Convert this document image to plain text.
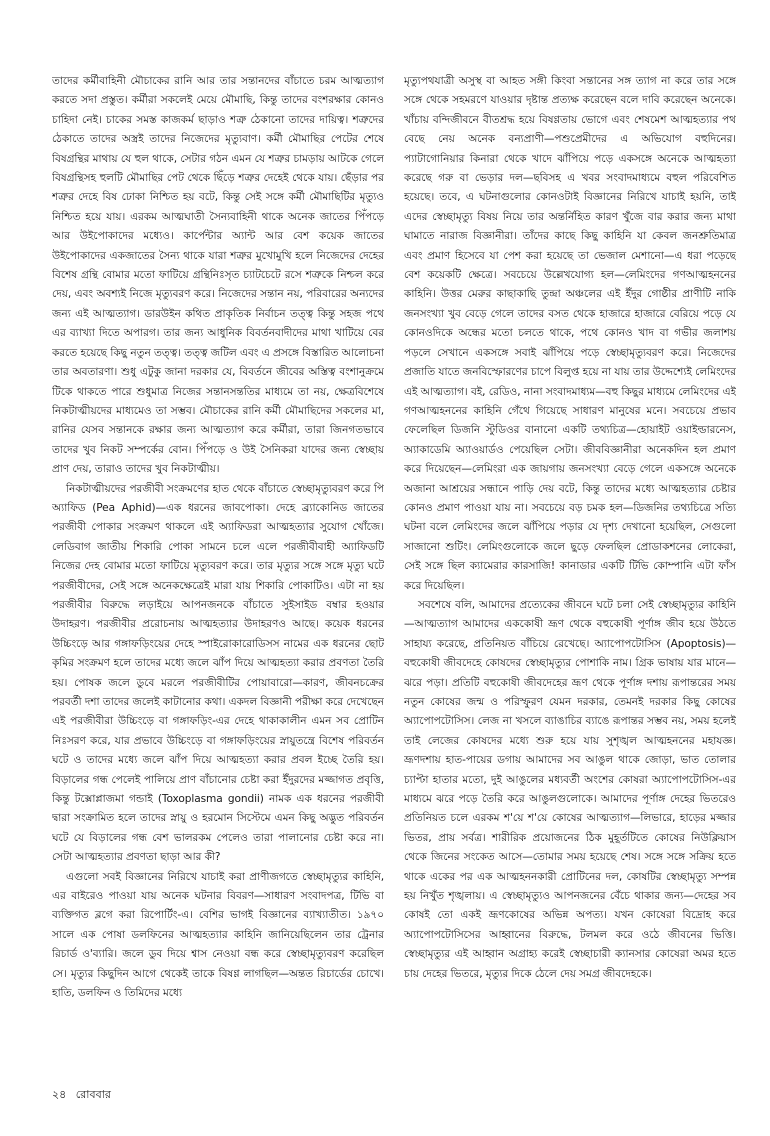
তাদের কর্মীবাহিনী মৌচাকের রানি আর তার সন্তানদের বাঁচাতে চরম আত্মত্যাগ করতে সদা প্রস্তুত। কর্মীরা সকলেই মেয়ে মৌমাছি, কিন্তু তাদের বংশরক্ষার কোনও চাহিদা নেই। চাকের সমস্ত কাজকর্ম ছাড়াও শত্রু ঠেকানো তাদের দায়িত্ব। শত্রুদের ঠেকাতে তাদের অস্ত্রই তাদের নিজেদের মৃত্যুবাণ। কর্মী মৌমাছির পেটের শেষে বিষগ্রন্থির মাথায় যে হুল থাকে, সেটার গঠন এমন যে শত্রুর চামড়ায় আটকে গেলে বিষগ্রন্থিসহ হুলটি মৌমাছির পেট থেকে ছিঁড়ে শত্রুর দেহেই থেকে যায়। ছেঁড়ার পর শত্রুর দেহে বিষ ঢোকা নিশ্চিত হয় বটে, কিন্তু সেই সঙ্গে কর্মী মৌমাছিটির মৃত্যুও নিশ্চিত হয়ে যায়। এরকম আত্মঘাতী সৈন্যবাহিনী থাকে অনেক জাতের পিঁপড়ে আর উইপোকাদের মধ্যেও। কার্পেন্টার অ্যান্ট আর বেশ কয়েক জাতের উইপোকাদের একজাতের সৈন্য থাকে যারা শত্রুর মুখোমুখি হলে নিজেদের দেহের বিশেষ গ্রন্থি বোমার মতো ফাটিয়ে গ্রন্থিনিঃসৃত চ্যাটচেটে রসে শত্রুকে নিশ্চল করে দেয়, এবং অবশ্যই নিজে মৃত্যুবরণ করে। নিজেদের সন্তান নয়, পরিবারের অন্যদের জন্য এই আত্মত্যাগ। ডারউইন কথিত প্রাকৃতিক নির্বাচন তত্ত্ব কিন্তু সহজ পথে এর ব্যাখ্যা দিতে অপারগ। তার জন্য আধুনিক বিবর্তনবাদীদের মাথা খাটিয়ে বের করতে হয়েছে কিছু নতুন তত্ত্ব। তত্ত্ব জটিল এবং এ প্রসঙ্গে বিস্তারিত আলোচনা তার অবতারণা। শুধু এটুকু জানা দরকার যে, বিবর্তনে জীবের অস্তিত্ব বংশানুক্রমে টিকে থাকতে পারে শুধুমাত্র নিজের সন্তানসন্ততির মাধ্যমে তা নয়, ক্ষেত্রবিশেষে নিকটাত্মীয়দের মাধ্যমেও তা সম্ভব। মৌচাকের রানি কর্মী মৌমাছিদের সকলের মা, রানির যেসব সন্তানকে রক্ষার জন্য আত্মত্যাগ করে কর্মীরা, তারা জিনগতভাবে তাদের খুব নিকট সম্পর্কের বোন। পিঁপড়ে ও উই সৈনিকরা যাদের জন্য স্বেচ্ছায় প্রাণ দেয়, তারাও তাদের খুব নিকটাত্মীয়।

নিকটাত্মীয়দের পরজীবী সংক্রমণের হাত থেকে বাঁচাতে স্বেচ্ছামৃত্যুবরণ করে পি অ্যাফিড (Pea Aphid)—এক ধরনের জাবপোকা। দেহে ব্র্যাকোনিড জাতের পরজীবী পোকার সংক্রমণ থাকলে এই অ্যাফিডরা আত্মহত্যার সুযোগ খোঁজে। লেডিবাগ জাতীয় শিকারি পোকা সামনে চলে এলে পরজীবীবাহী অ্যাফিডটি নিজের দেহ বোমার মতো ফাটিয়ে মৃত্যুবরণ করে। তার মৃত্যুর সঙ্গে সঙ্গে মৃত্যু ঘটে পরজীবীদের, সেই সঙ্গে অনেকক্ষেত্রেই মারা যায় শিকারি পোকাটিও। এটা না হয় পরজীবীর বিরুদ্ধে লড়াইয়ে আপনজনকে বাঁচাতে সুইসাইড বম্বার হওয়ার উদাহরণ। পরজীবীর প্ররোচনায় আত্মহত্যার উদাহরণও আছে। কয়েক ধরনের উচ্চিংড়ে আর গঙ্গাফড়িংয়ের দেহে স্পাইরোকারোডিসস নামের এক ধরনের ছোট কৃমির সংক্রমণ হলে তাদের মধ্যে জলে ঝাঁপ দিয়ে আত্মহত্যা করার প্রবণতা তৈরি হয়। পোষক জলে ডুবে মরলে পরজীবীটির পোয়াবারো—কারণ, জীবনচক্রের পরবর্তী দশা তাদের জলেই কাটানোর কথা। একদল বিজ্ঞানী পরীক্ষা করে দেখেছেন এই পরজীবীরা উচ্চিংড়ে বা গঙ্গাফড়িং-এর দেহে থাকাকালীন এমন সব প্রোটিন নিঃসরণ করে, যার প্রভাবে উচ্চিংড়ে বা গঙ্গাফড়িংয়ের স্নায়ুতন্ত্রে বিশেষ পরিবর্তন ঘটে ও তাদের মধ্যে জলে ঝাঁপ দিয়ে আত্মহত্যা করার প্রবল ইচ্ছে তৈরি হয়। বিড়ালের গন্ধ পেলেই পালিয়ে প্রাণ বাঁচানোর চেষ্টা করা ইঁদুরদের মজ্জাগত প্রবৃত্তি, কিন্তু টক্সোপ্লাজমা গন্ডাই (Toxoplasma gondii) নামক এক ধরনের পরজীবী দ্বারা সংক্রামিত হলে তাদের স্নায়ু ও হরমোন সিস্টেমে এমন কিছু অদ্ভুত পরিবর্তন ঘটে যে বিড়ালের গন্ধ বেশ ভালরকম পেলেও তারা পালানোর চেষ্টা করে না। সেটা আত্মহত্যার প্রবণতা ছাড়া আর কী?

এগুলো সবই বিজ্ঞানের নিরিখে যাচাই করা প্রাণীজগতে স্বেচ্ছামৃত্যুর কাহিনি, এর বাইরেও পাওয়া যায় অনেক ঘটনার বিবরণ—সাধারণ সংবাদপত্র, টিভি বা ব্যক্তিগত ব্লগে করা রিপোর্টিং-এ। বেশির ভাগই বিজ্ঞানের ব্যাখ্যাতীত। ১৯৭০ সালে এক পোষা ডলফিনের আত্মহত্যার কাহিনি জানিয়েছিলেন তার ট্রেনার রিচার্ড ও'ব্যারি। জলে ডুব দিয়ে শ্বাস নেওয়া বন্ধ করে স্বেচ্ছামৃত্যুবরণ করেছিল সে। মৃত্যুর কিছুদিন আগে থেকেই তাকে বিষণ্ণ লাগছিল—অন্তত রিচার্ডের চোখে। হাতি, ডলফিন ও তিমিদের মধ্যে

মৃত্যুপথযাত্রী অসুস্থ বা আহত সঙ্গী কিংবা সন্তানের সঙ্গ ত্যাগ না করে তার সঙ্গে সঙ্গে থেকে সহমরণে যাওয়ার দৃষ্টান্ত প্রত্যক্ষ করেছেন বলে দাবি করেছেন অনেকে। খাঁচায় বন্দিজীবনে বীতশ্রদ্ধ হয়ে বিষণ্ণতায় ভোগে এবং শেষমেশ আত্মহত্যার পথ বেছে নেয় অনেক বন্যপ্রাণী—পশুপ্রেমীদের এ অভিযোগ বহুদিনের। প্যাটাগোনিয়ার কিনারা থেকে খাদে ঝাঁপিয়ে পড়ে একসঙ্গে অনেকে আত্মহত্যা করেছে গরু বা ভেড়ার দল—ছবিসহ এ খবর সংবাদমাধ্যমে বহুল পরিবেশিত হয়েছে। তবে, এ ঘটনাগুলোর কোনওটাই বিজ্ঞানের নিরিখে যাচাই হয়নি, তাই এদের স্বেচ্ছামৃত্যু বিষয় নিয়ে তার অন্তর্নিহিত কারণ খুঁজে বার করার জন্য মাথা ঘামাতে নারাজ বিজ্ঞানীরা। তাঁদের কাছে কিছু কাহিনি যা কেবল জনশ্রুতিমাত্র এবং প্রমাণ হিসেবে যা পেশ করা হয়েছে তা ভেজাল মেশানো—এ ধরা পড়েছে বেশ কয়েকটি ক্ষেত্রে। সবচেয়ে উল্লেখযোগ্য হল—লেমিংদের গণআত্মহননের কাহিনি। উত্তর মেরুর কাছাকাছি তুন্দ্রা অঞ্চলের এই ইঁদুর গোষ্ঠীর প্রাণীটি নাকি জনসংখ্যা খুব বেড়ে গেলে তাদের বসত থেকে হাজারে হাজারে বেরিয়ে পড়ে যে কোনওদিকে অন্ধের মতো চলতে থাকে, পথে কোনও খাদ বা গভীর জলাশয় পড়লে সেখানে একসঙ্গে সবাই ঝাঁপিয়ে পড়ে স্বেচ্ছামৃত্যুবরণ করে। নিজেদের প্রজাতি যাতে জনবিস্ফোরণের চাপে বিলুপ্ত হয়ে না যায় তার উদ্দেশ্যেই লেমিংদের এই আত্মত্যাগ। বই, রেডিও, নানা সংবাদমাধ্যম—বহু কিছুর মাধ্যমে লেমিংদের এই গণআত্মহননের কাহিনি গেঁথে গিয়েছে সাধারণ মানুষের মনে। সবচেয়ে প্রভাব ফেলেছিল ডিজনি স্টুডিওর বানানো একটি তথ্যচিত্র—হোয়াইট ওয়াইল্ডারনেস, অ্যাকাডেমি অ্যাওয়ার্ডও পেয়েছিল সেটা। জীববিজ্ঞানীরা অনেকদিন হল প্রমাণ করে দিয়েছেন—লেমিংরা এক জায়গায় জনসংখ্যা বেড়ে গেলে একসঙ্গে অনেকে অজানা আশ্রয়ের সন্ধানে পাড়ি দেয় বটে, কিন্তু তাদের মধ্যে আত্মহত্যার চেষ্টার কোনও প্রমাণ পাওয়া যায় না। সবচেয়ে বড় চমক হল—ডিজনির তথ্যচিত্রে সত্যি ঘটনা বলে লেমিংদের জলে ঝাঁপিয়ে পড়ার যে দৃশ্য দেখানো হয়েছিল, সেগুলো সাজানো শুটিং। লেমিংগুলোকে জলে ছুড়ে ফেলছিল প্রোডাকশনের লোকেরা, সেই সঙ্গে ছিল ক্যামেরার কারসাজি! কানাডার একটি টিভি কোম্পানি এটা ফাঁস করে দিয়েছিল।

সবশেষে বলি, আমাদের প্রত্যেকের জীবনে ঘটে চলা সেই স্বেচ্ছামৃত্যুর কাহিনি—আত্মত্যাগ আমাদের এককোষী ভ্রূণ থেকে বহুকোষী পূর্ণাঙ্গ জীব হয়ে উঠতে সাহায্য করেছে, প্রতিনিয়ত বাঁচিয়ে রেখেছে। অ্যাপোপটোসিস (Apoptosis)—বহুকোষী জীবদেহে কোষদের স্বেচ্ছামৃত্যুর পোশাকি নাম। গ্রিক ভাষায় যার মানে—ঝরে পড়া। প্রতিটি বহুকোষী জীবদেহের ভ্রূণ থেকে পূর্ণাঙ্গ দশায় রূপান্তরের সময় নতুন কোষের জন্ম ও পরিস্ফুরণ যেমন দরকার, তেমনই দরকার কিছু কোষের অ্যাপোপটোসিস। লেজ না খসলে ব্যাঙাচির ব্যাঙে রূপান্তর সম্ভব নয়, সময় হলেই তাই লেজের কোষদের মধ্যে শুরু হয়ে যায় সুশৃঙ্খল আত্মহননের মহাযজ্ঞ। ভ্রূণদশায় হাত-পায়ের ডগায় আমাদের সব আঙুল থাকে জোড়া, ভাত তোলার চ্যাপ্টা হাতার মতো, দুই আঙুলের মধ্যবর্তী অংশের কোষরা অ্যাপোপটোসিস-এর মাধ্যমে ঝরে পড়ে তৈরি করে আঙুলগুলোকে। আমাদের পূর্ণাঙ্গ দেহের ভিতরেও প্রতিনিয়ত চলে এরকম শ'য়ে শ'য়ে কোষের আত্মত্যাগ—লিভারে, হাড়ের মজ্জার ভিতর, প্রায় সর্বত্র। শারীরিক প্রয়োজনের ঠিক মুহূর্তটিতে কোষের নিউক্লিয়াস থেকে জিনের সংকেত আসে—তোমার সময় হয়েছে শেষ। সঙ্গে সঙ্গে সক্রিয় হতে থাকে একের পর এক আত্মহননকারী প্রোটিনের দল, কোষটির স্বেচ্ছামৃত্যু সম্পন্ন হয় নিখুঁত শৃঙ্খলায়। এ স্বেচ্ছামৃত্যুও আপনজনের বেঁচে থাকার জন্য—দেহের সব কোষই তো একই ভ্রূণকোষের অভিন্ন অপত্য। যখন কোষেরা বিদ্রোহ করে অ্যাপোপটোসিসের আহ্বানের বিরুদ্ধে, টলমল করে ওঠে জীবনের ভিত্তি। স্বেচ্ছামৃত্যুর এই আহ্বান অগ্রাহ্য করেই স্বেচ্ছাচারী ক্যানসার কোষেরা অমর হতে চায় দেহের ভিতরে, মৃত্যুর দিকে ঠেলে দেয় সমগ্র জীবদেহকে।

২৪ রোববার
